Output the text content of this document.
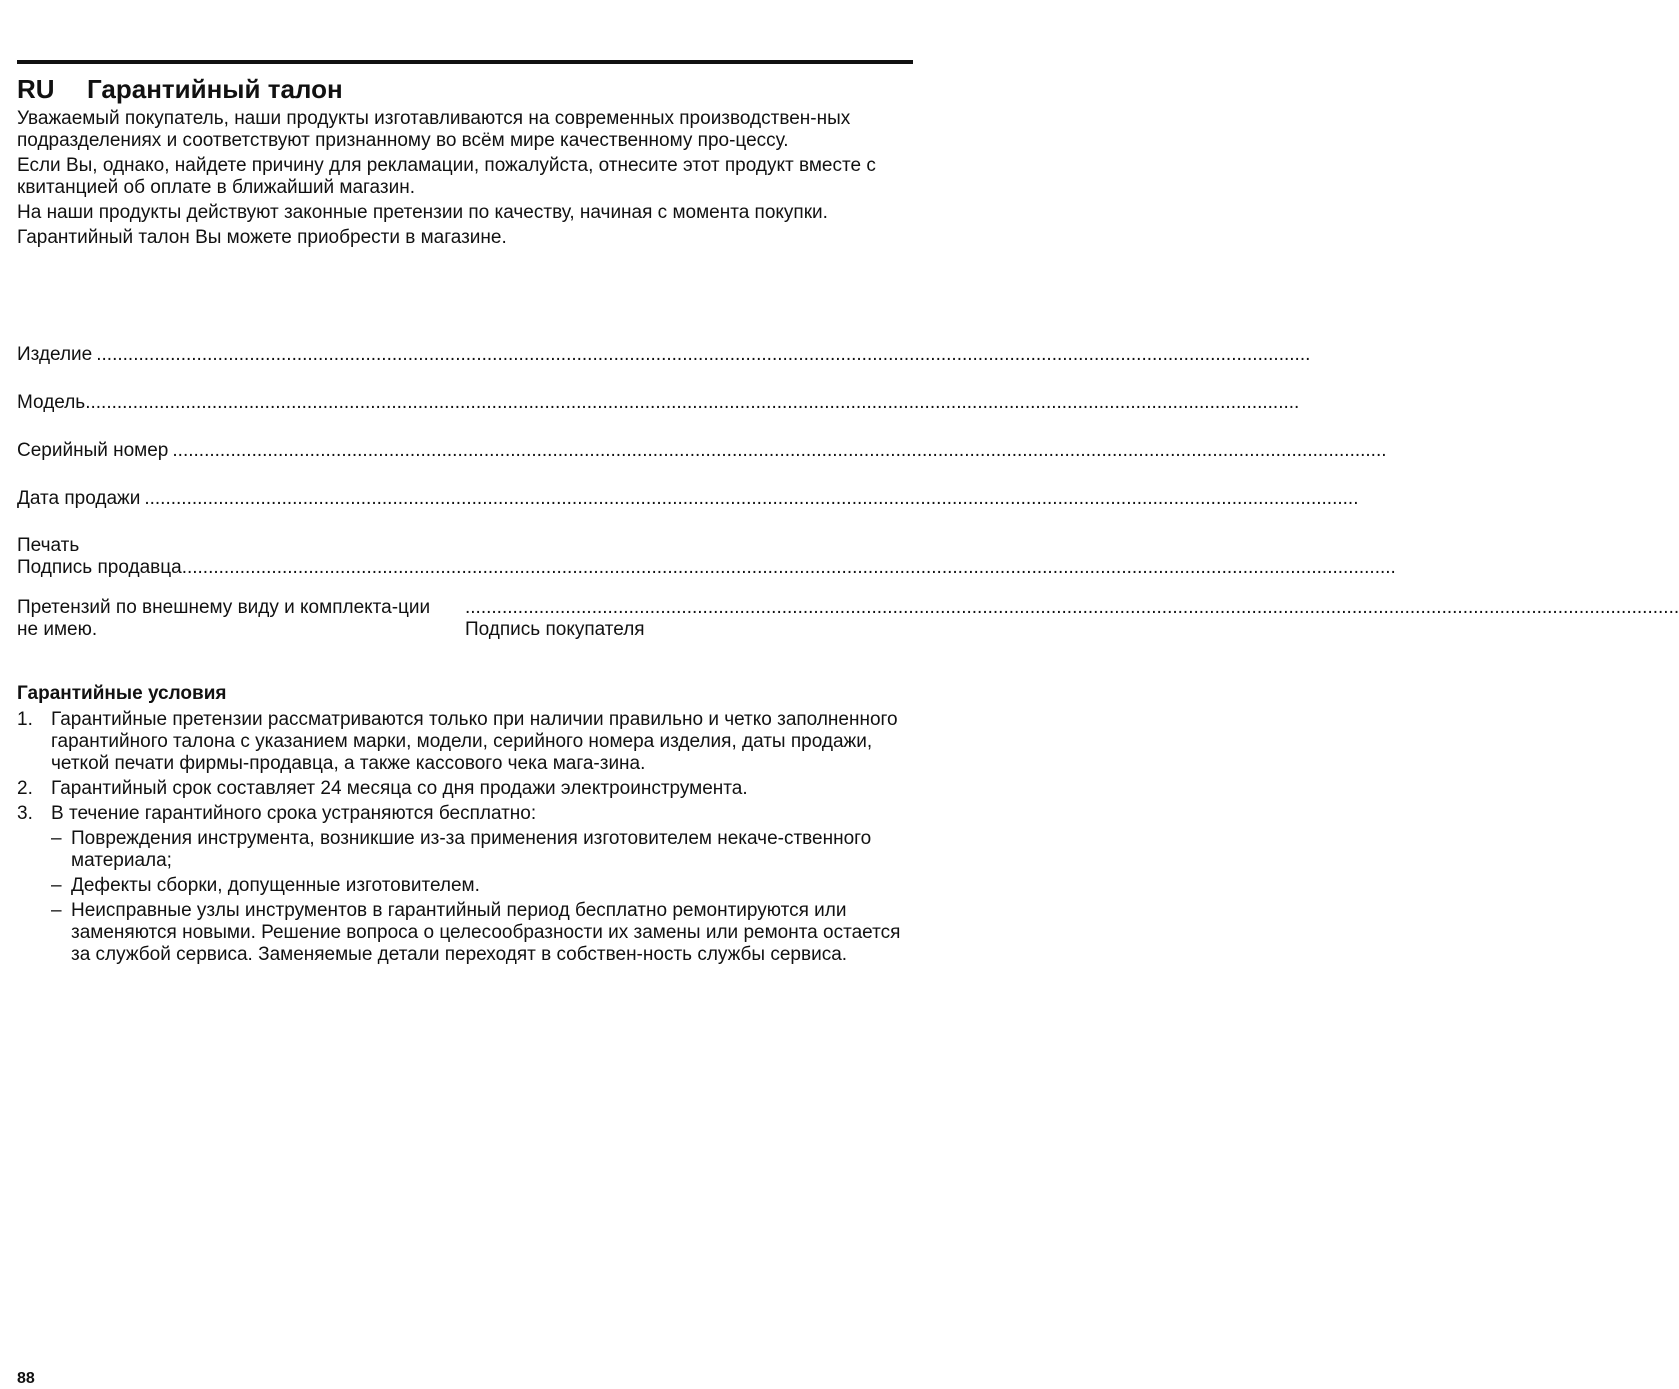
RU Гарантийный талон

Уважаемый покупатель, наши продукты изготавливаются на современных производствен-ных подразделениях и соответствуют признанному во всём мире качественному про-цессу.

Если Вы, однако, найдете причину для рекламации, пожалуйста, отнесите этот продукт вместе с квитанцией об оплате в ближайший магазин.

На наши продукты действуют законные претензии по качеству, начиная с момента покупки.

Гарантийный талон Вы можете приобрести в магазине.

Изделие ......................................................................................................................................................................................................................................
Модель ......................................................................................................................................................................................................................................
Серийный номер ......................................................................................................................................................................................................................................
Дата продажи ......................................................................................................................................................................................................................................
Печать
Подпись продавца ......................................................................................................................................................................................................................................
Претензий по внешнему виду и комплекта-ции не имею.
......................................................................................................................................................................................................................................
Подпись покупателя
Гарантийные условия
1. Гарантийные претензии рассматриваются только при наличии правильно и четко заполненного гарантийного талона с указанием марки, модели, серийного номера изделия, даты продажи, четкой печати фирмы-продавца, а также кассового чека мага-зина.
2. Гарантийный срок составляет 24 месяца со дня продажи электроинструмента.
3. В течение гарантийного срока устраняются бесплатно:
– Повреждения инструмента, возникшие из-за применения изготовителем некаче-ственного материала;
– Дефекты сборки, допущенные изготовителем.
– Неисправные узлы инструментов в гарантийный период бесплатно ремонтируются или заменяются новыми. Решение вопроса о целесообразности их замены или ремонта остается за службой сервиса. Заменяемые детали переходят в собствен-ность службы сервиса.
88
